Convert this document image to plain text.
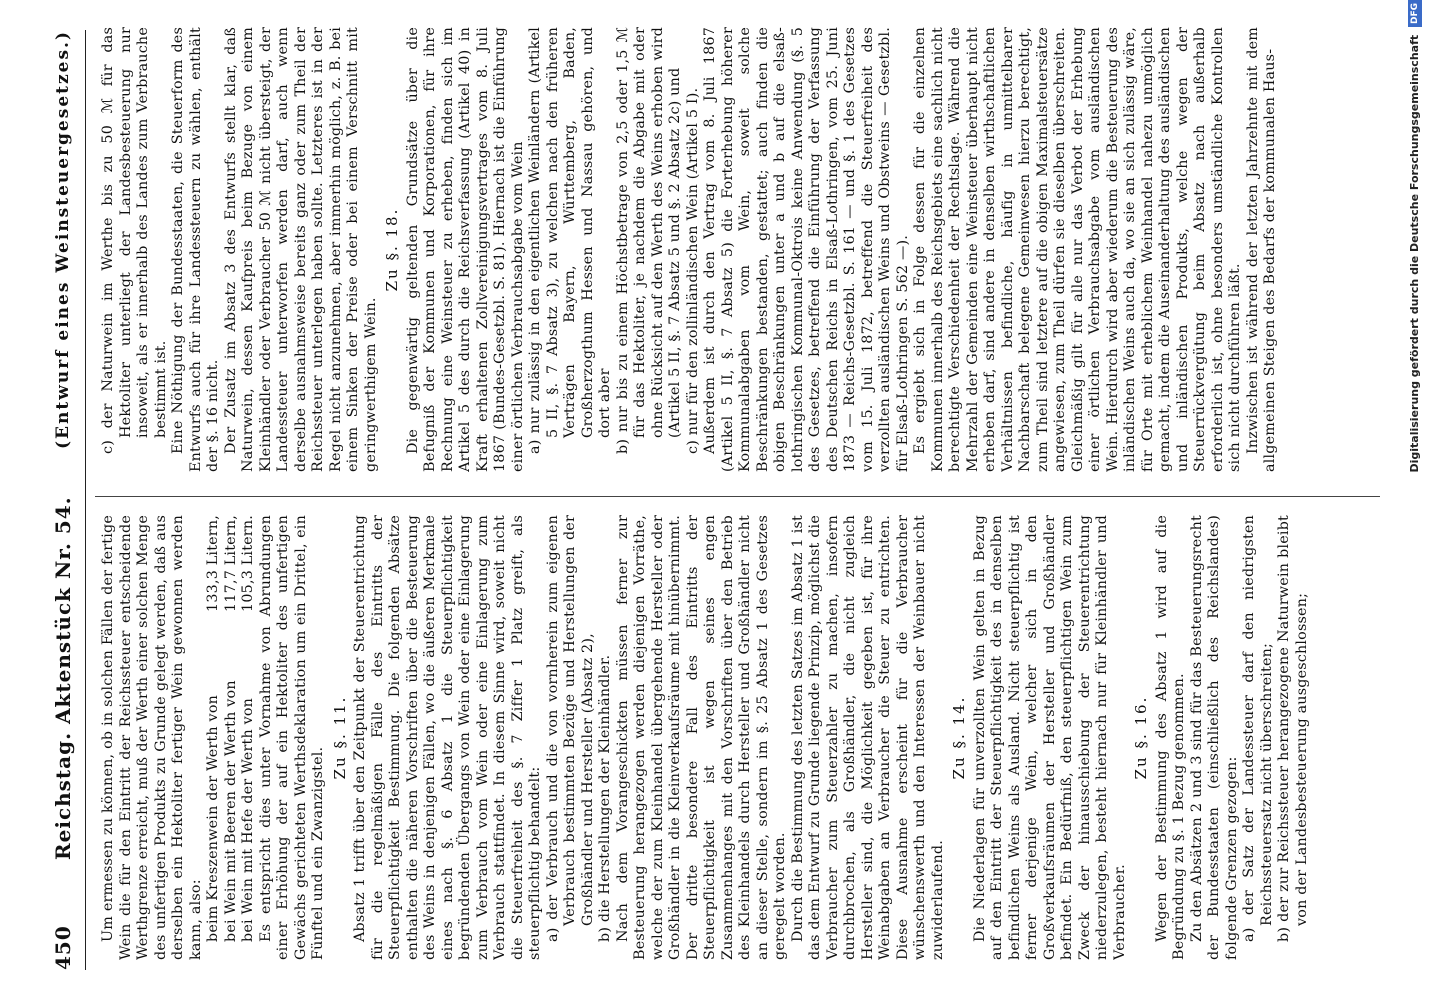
450
Reichstag. Aktenstück Nr. 54.
(Entwurf eines Weinsteuergesetzes.)

Um ermessen zu können, ob in solchen Fällen der fertige Wein die für den Eintritt der Reichssteuer entscheidende Werthgrenze erreicht, muß der Werth einer solchen Menge des unfertigen Produkts zu Grunde gelegt werden, daß aus derselben ein Hektoliter fertiger Wein gewonnen werden kann, also: beim Kreszenwein der Werth von
133,3 Litern,
bei Wein mit Beeren der Werth von
117,7 Litern,
bei Wein mit Hefe der Werth von
105,3 Litern. Es entspricht dies unter Vornahme von Abrundungen einer Erhöhung der auf ein Hektoliter des unfertigen Gewächs gerichteten Werthsdeklaration um ein Drittel, ein Fünftel und ein Zwanzigstel.

Zu §. 11. Absatz 1 trifft über den Zeitpunkt der Steuerentrichtung für die regelmäßigen Fälle des Eintritts der Steuerpflichtigkeit Bestimmung. Die folgenden Absätze enthalten die näheren Vorschriften über die Besteuerung des Weins in denjenigen Fällen, wo die äußeren Merkmale eines nach §. 6 Absatz 1 die Steuerpflichtigkeit begründenden Übergangs von Wein oder eine Einlagerung zum Verbrauch vom Wein oder eine Einlagerung zum Verbrauch stattfindet. In diesem Sinne wird, soweit nicht die Steuerfreiheit des §. 7 Ziffer 1 Platz greift, als steuerpflichtig behandelt: a) der Verbrauch und die von vornherein zum eigenen Verbrauch bestimmten Bezüge und Herstellungen der Großhändler und Hersteller (Absatz 2), b) die Herstellungen der Kleinhändler. Nach dem Vorangeschickten müssen ferner zur Besteuerung herangezogen werden diejenigen Vorräthe, welche der zum Kleinhandel übergehende Hersteller oder Großhändler in die Kleinverkaufsräume mit hinübernimmt. Der dritte besondere Fall des Eintritts der Steuerpflichtigkeit ist wegen seines engen Zusammenhanges mit den Vorschriften über den Betrieb des Kleinhandels durch Hersteller und Großhändler nicht an dieser Stelle, sondern im §. 25 Absatz 1 des Gesetzes geregelt worden. Durch die Bestimmung des letzten Satzes im Absatz 1 ist das dem Entwurf zu Grunde liegende Prinzip, möglichst die Verbraucher zum Steuerzahler zu machen, insofern durchbrochen, als Großhändler, die nicht zugleich Hersteller sind, die Möglichkeit gegeben ist, für ihre Weinabgaben an Verbraucher die Steuer zu entrichten. Diese Ausnahme erscheint für die Verbraucher wünschenswerth und den Interessen der Weinbauer nicht zuwiderlaufend.

Zu §. 14. Die Niederlagen für unverzollten Wein gelten in Bezug auf den Eintritt der Steuerpflichtigkeit des in denselben befindlichen Weins als Ausland. Nicht steuerpflichtig ist ferner derjenige Wein, welcher sich in den Großverkaufsräumen der Hersteller und Großhändler befindet. Ein Bedürfniß, den steuerpflichtigen Wein zum Zweck der hinausschiebung der Steuerentrichtung niederzulegen, besteht hiernach nur für Kleinhändler und Verbraucher.

Zu §. 16. Wegen der Bestimmung des Absatz 1 wird auf die Begründung zu §. 1 Bezug genommen. Zu den Absätzen 2 und 3 sind für das Besteuerungsrecht der Bundesstaaten (einschließlich des Reichslandes) folgende Grenzen gezogen: a) der Satz der Landessteuer darf den niedrigsten Reichssteuersatz nicht überschreiten; b) der zur Reichssteuer herangezogene Naturwein bleibt von der Landesbesteuerung ausgeschlossen;

c) der Naturwein im Werthe bis zu 50 ℳ für das Hektoliter unterliegt der Landesbesteuerung nur insoweit, als er innerhalb des Landes zum Verbrauche bestimmt ist. Eine Nöthigung der Bundesstaaten, die Steuerform des Entwurfs auch für ihre Landessteuern zu wählen, enthält der §. 16 nicht. Der Zusatz im Absatz 3 des Entwurfs stellt klar, daß Naturwein, dessen Kaufpreis beim Bezuge von einem Kleinhändler oder Verbraucher 50 ℳ nicht übersteigt, der Landessteuer unterworfen werden darf, auch wenn derselbe ausnahmsweise bereits ganz oder zum Theil der Reichssteuer unterlegen haben sollte. Letzteres ist in der Regel nicht anzunehmen, aber immerhin möglich, z. B. bei einem Sinken der Preise oder bei einem Verschnitt mit geringwerthigem Wein.

Zu §. 18. Die gegenwärtig geltenden Grundsätze über die Befugniß der Kommunen und Korporationen, für ihre Rechnung eine Weinsteuer zu erheben, finden sich im Artikel 5 des durch die Reichsverfassung (Artikel 40) in Kraft erhaltenen Zollvereinigungsvertrages vom 8. Juli 1867 (Bundes-Gesetzbl. S. 81). Hiernach ist die Einführung einer örtlichen Verbrauchsabgabe vom Wein a) nur zulässig in den eigentlichen Weinländern (Artikel 5 II, §. 7 Absatz 3), zu welchen nach den früheren Verträgen Bayern, Württemberg, Baden, Großherzogthum Hessen und Nassau gehören, und dort aber b) nur bis zu einem Höchstbetrage von 2,5 oder 1,5 ℳ für das Hektoliter, je nachdem die Abgabe mit oder ohne Rücksicht auf den Werth des Weins erhoben wird (Artikel 5 II, §. 7 Absatz 5 und §. 2 Absatz 2c) und c) nur für den zollinländischen Wein (Artikel 5 I). Außerdem ist durch den Vertrag vom 8. Juli 1867 (Artikel 5 II, §. 7 Absatz 5) die Forterhebung höherer Kommunalabgaben vom Wein, soweit solche Beschränkungen bestanden, gestattet; auch finden die obigen Beschränkungen unter a und b auf die elsaß-lothringischen Kommunal-Oktrois keine Anwendung (§. 5 des Gesetzes, betreffend die Einführung der Verfassung des Deutschen Reichs in Elsaß-Lothringen, vom 25. Juni 1873 — Reichs-Gesetzbl. S. 161 — und §. 1 des Gesetzes vom 15. Juli 1872, betreffend die Steuerfreiheit des verzollten ausländischen Weins und Obstweins — Gesetzbl. für Elsaß-Lothringen S. 562 —). Es ergiebt sich in Folge dessen für die einzelnen Kommunen innerhalb des Reichsgebiets eine sachlich nicht berechtigte Verschiedenheit der Rechtslage. Während die Mehrzahl der Gemeinden eine Weinsteuer überhaupt nicht erheben darf, sind andere in denselben wirthschaftlichen Verhältnissen befindliche, häufig in unmittelbarer Nachbarschaft belegene Gemeinwesen hierzu berechtigt, zum Theil sind letztere auf die obigen Maximalsteuersätze angewiesen, zum Theil dürfen sie dieselben überschreiten. Gleichmäßig gilt für alle nur das Verbot der Erhebung einer örtlichen Verbrauchsabgabe vom ausländischen Wein. Hierdurch wird aber wiederum die Besteuerung des inländischen Weins auch da, wo sie an sich zulässig wäre, für Orte mit erheblichem Weinhandel nahezu unmöglich gemacht, indem die Auseinanderhaltung des ausländischen und inländischen Produkts, welche wegen der Steuerrückvergütung beim Absatz nach außerhalb erforderlich ist, ohne besonders umständliche Kontrollen sich nicht durchführen läßt. Inzwischen ist während der letzten Jahrzehnte mit dem allgemeinen Steigen des Bedarfs der kommunalen Haus-	Digitalisierung gefördert durch die Deutsche Forschungsgemeinschaft DFG
